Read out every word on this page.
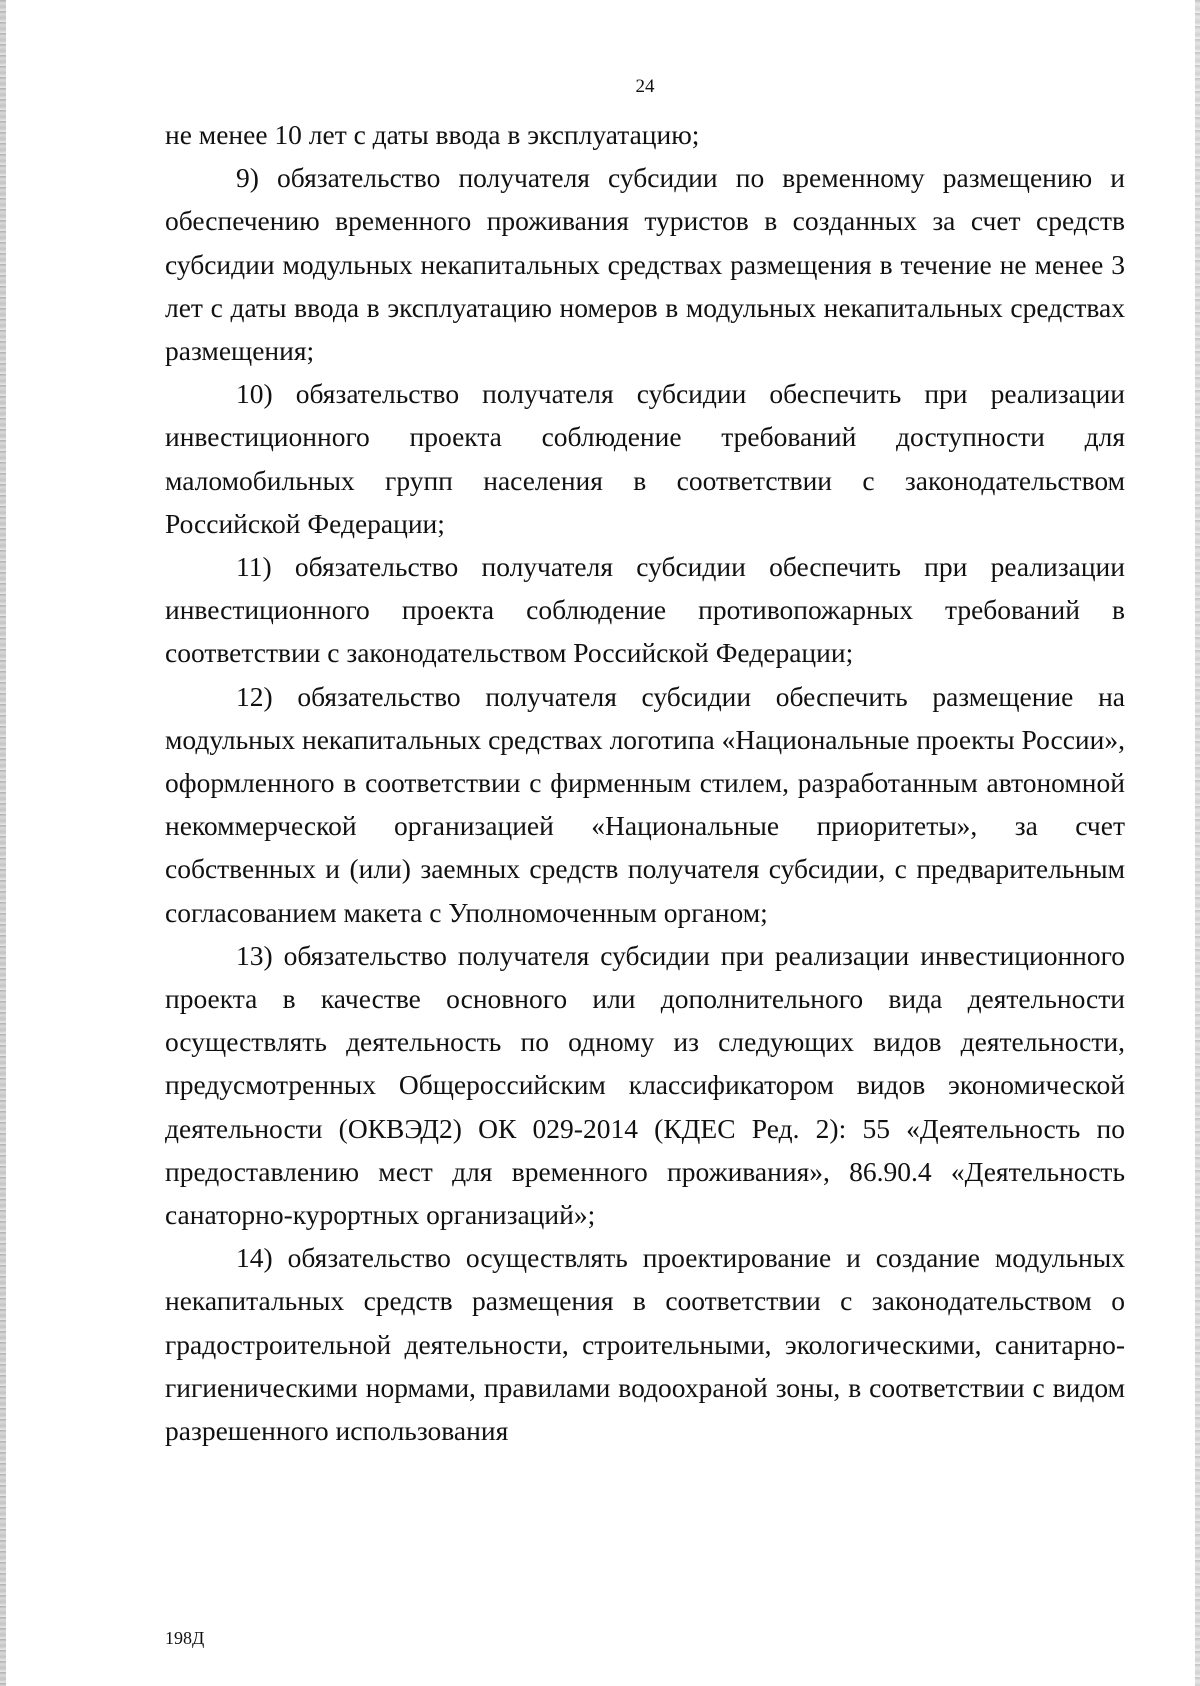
24

не менее 10 лет с даты ввода в эксплуатацию;

9) обязательство получателя субсидии по временному размещению и обеспечению временного проживания туристов в созданных за счет средств субсидии модульных некапитальных средствах размещения в течение не менее 3 лет с даты ввода в эксплуатацию номеров в модульных некапитальных средствах размещения;

10) обязательство получателя субсидии обеспечить при реализации инвестиционного проекта соблюдение требований доступности для маломобильных групп населения в соответствии с законодательством Российской Федерации;

11) обязательство получателя субсидии обеспечить при реализации инвестиционного проекта соблюдение противопожарных требований в соответствии с законодательством Российской Федерации;

12) обязательство получателя субсидии обеспечить размещение на модульных некапитальных средствах логотипа «Национальные проекты России», оформленного в соответствии с фирменным стилем, разработанным автономной некоммерческой организацией «Национальные приоритеты», за счет собственных и (или) заемных средств получателя субсидии, с предварительным согласованием макета с Уполномоченным органом;

13) обязательство получателя субсидии при реализации инвестиционного проекта в качестве основного или дополнительного вида деятельности осуществлять деятельность по одному из следующих видов деятельности, предусмотренных Общероссийским классификатором видов экономической деятельности (ОКВЭД2) ОК 029-2014 (КДЕС Ред. 2): 55 «Деятельность по предоставлению мест для временного проживания», 86.90.4 «Деятельность санаторно-курортных организаций»;

14) обязательство осуществлять проектирование и создание модульных некапитальных средств размещения в соответствии с законодательством о градостроительной деятельности, строительными, экологическими, санитарно-гигиеническими нормами, правилами водоохраной зоны, в соответствии с видом разрешенного использования

198Д
